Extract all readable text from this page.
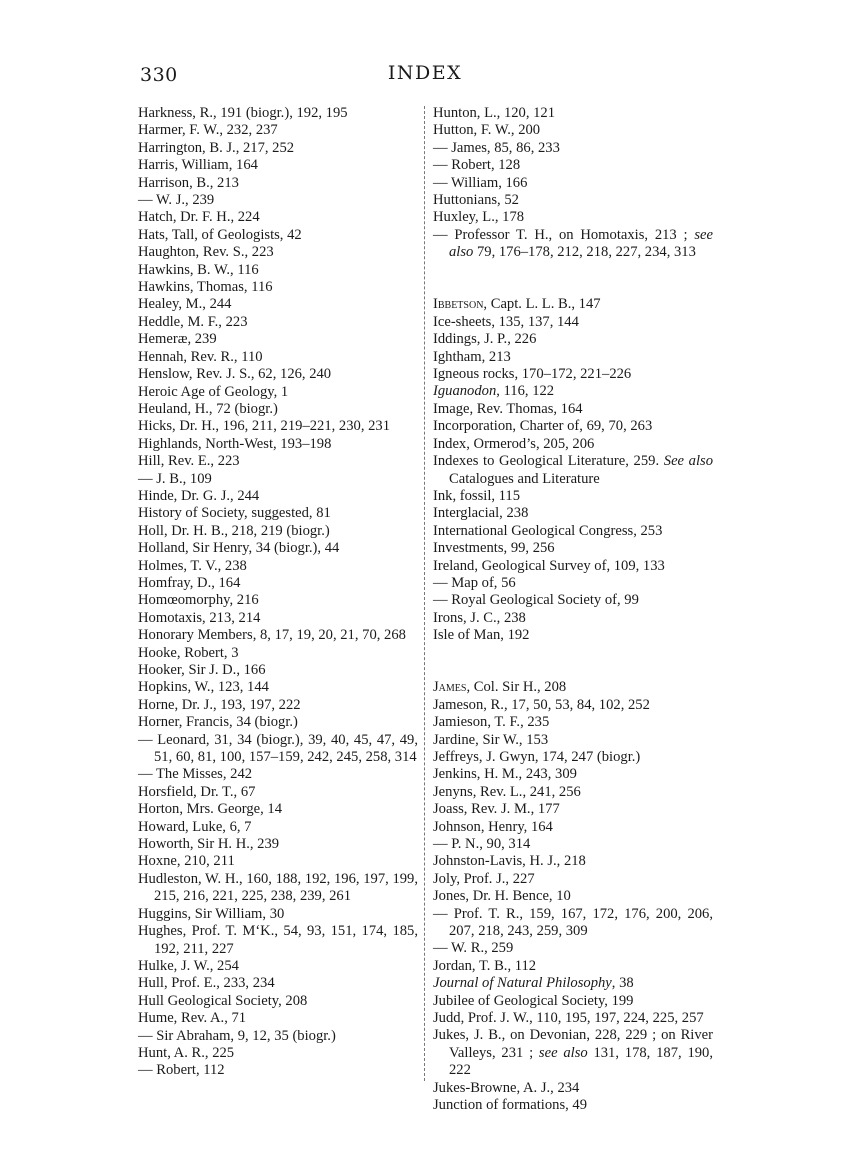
330	INDEX
Harkness, R., 191 (biogr.), 192, 195
Harmer, F. W., 232, 237
Harrington, B. J., 217, 252
Harris, William, 164
Harrison, B., 213
— W. J., 239
Hatch, Dr. F. H., 224
Hats, Tall, of Geologists, 42
Haughton, Rev. S., 223
Hawkins, B. W., 116
Hawkins, Thomas, 116
Healey, M., 244
Heddle, M. F., 223
Hemeræ, 239
Hennah, Rev. R., 110
Henslow, Rev. J. S., 62, 126, 240
Heroic Age of Geology, 1
Heuland, H., 72 (biogr.)
Hicks, Dr. H., 196, 211, 219–221, 230, 231
Highlands, North-West, 193–198
Hill, Rev. E., 223
— J. B., 109
Hinde, Dr. G. J., 244
History of Society, suggested, 81
Holl, Dr. H. B., 218, 219 (biogr.)
Holland, Sir Henry, 34 (biogr.), 44
Holmes, T. V., 238
Homfray, D., 164
Homœomorphy, 216
Homotaxis, 213, 214
Honorary Members, 8, 17, 19, 20, 21, 70, 268
Hooke, Robert, 3
Hooker, Sir J. D., 166
Hopkins, W., 123, 144
Horne, Dr. J., 193, 197, 222
Horner, Francis, 34 (biogr.)
— Leonard, 31, 34 (biogr.), 39, 40, 45, 47, 49, 51, 60, 81, 100, 157–159, 242, 245, 258, 314
— The Misses, 242
Horsfield, Dr. T., 67
Horton, Mrs. George, 14
Howard, Luke, 6, 7
Howorth, Sir H. H., 239
Hoxne, 210, 211
Hudleston, W. H., 160, 188, 192, 196, 197, 199, 215, 216, 221, 225, 238, 239, 261
Huggins, Sir William, 30
Hughes, Prof. T. M‘K., 54, 93, 151, 174, 185, 192, 211, 227
Hulke, J. W., 254
Hull, Prof. E., 233, 234
Hull Geological Society, 208
Hume, Rev. A., 71
— Sir Abraham, 9, 12, 35 (biogr.)
Hunt, A. R., 225
— Robert, 112
Hunton, L., 120, 121
Hutton, F. W., 200
— James, 85, 86, 233
— Robert, 128
— William, 166
Huttonians, 52
Huxley, L., 178
— Professor T. H., on Homotaxis, 213 ; see also 79, 176–178, 212, 218, 227, 234, 313
Ibbetson, Capt. L. L. B., 147
Ice-sheets, 135, 137, 144
Iddings, J. P., 226
Ightham, 213
Igneous rocks, 170–172, 221–226
Iguanodon, 116, 122
Image, Rev. Thomas, 164
Incorporation, Charter of, 69, 70, 263
Index, Ormerod’s, 205, 206
Indexes to Geological Literature, 259. See also Catalogues and Literature
Ink, fossil, 115
Interglacial, 238
International Geological Congress, 253
Investments, 99, 256
Ireland, Geological Survey of, 109, 133
— Map of, 56
— Royal Geological Society of, 99
Irons, J. C., 238
Isle of Man, 192
James, Col. Sir H., 208
Jameson, R., 17, 50, 53, 84, 102, 252
Jamieson, T. F., 235
Jardine, Sir W., 153
Jeffreys, J. Gwyn, 174, 247 (biogr.)
Jenkins, H. M., 243, 309
Jenyns, Rev. L., 241, 256
Joass, Rev. J. M., 177
Johnson, Henry, 164
— P. N., 90, 314
Johnston-Lavis, H. J., 218
Joly, Prof. J., 227
Jones, Dr. H. Bence, 10
— Prof. T. R., 159, 167, 172, 176, 200, 206, 207, 218, 243, 259, 309
— W. R., 259
Jordan, T. B., 112
Journal of Natural Philosophy, 38
Jubilee of Geological Society, 199
Judd, Prof. J. W., 110, 195, 197, 224, 225, 257
Jukes, J. B., on Devonian, 228, 229 ; on River Valleys, 231 ; see also 131, 178, 187, 190, 222
Jukes-Browne, A. J., 234
Junction of formations, 49
